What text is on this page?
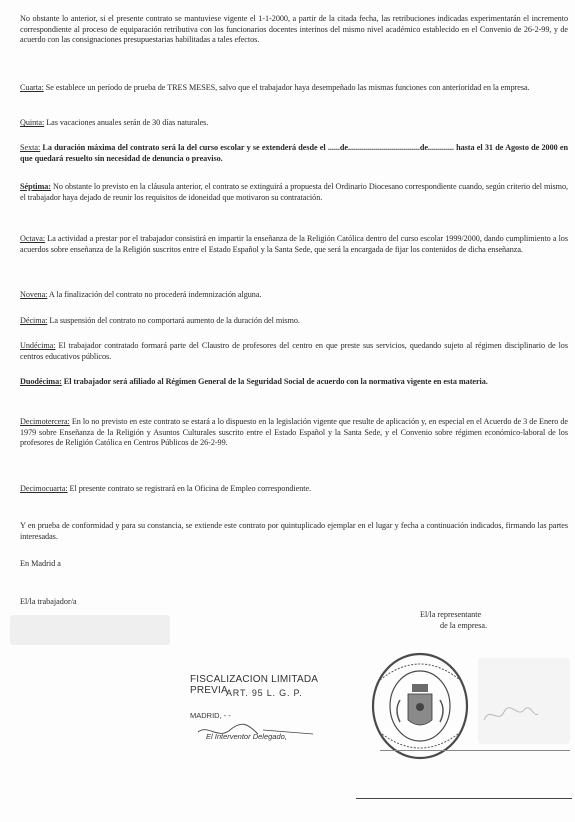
No obstante lo anterior, si el presente contrato se mantuviese vigente el 1-1-2000, a partir de la citada fecha, las retribuciones indicadas experimentarán el incremento correspondiente al proceso de equiparación retributiva con los funcionarios docentes interinos del mismo nivel académico establecido en el Convenio de 26-2-99, y de acuerdo con las consignaciones presupuestarias habilitadas a tales efectos.
Cuarta: Se establece un período de prueba de TRES MESES, salvo que el trabajador haya desempeñado las mismas funciones con anterioridad en la empresa.
Quinta: Las vacaciones anuales serán de 30 días naturales.
Sexta: La duración máxima del contrato será la del curso escolar y se extenderá desde el ......de....................................de............. hasta el 31 de Agosto de 2000 en que quedará resuelto sin necesidad de denuncia o preaviso.
Séptima: No obstante lo previsto en la cláusula anterior, el contrato se extinguirá a propuesta del Ordinario Diocesano correspondiente cuando, según criterio del mismo, el trabajador haya dejado de reunir los requisitos de idoneidad que motivaron su contratación.
Octava: La actividad a prestar por el trabajador consistirá en impartir la enseñanza de la Religión Católica dentro del curso escolar 1999/2000, dando cumplimiento a los acuerdos sobre enseñanza de la Religión suscritos entre el Estado Español y la Santa Sede, que será la encargada de fijar los contenidos de dicha enseñanza.
Novena: A la finalización del contrato no procederá indemnización alguna.
Décima: La suspensión del contrato no comportará aumento de la duración del mismo.
Undécima: El trabajador contratado formará parte del Claustro de profesores del centro en que preste sus servicios, quedando sujeto al régimen disciplinario de los centros educativos públicos.
Duodécima: El trabajador será afiliado al Régimen General de la Seguridad Social de acuerdo con la normativa vigente en esta materia.
Decimotercera: En lo no previsto en este contrato se estará a lo dispuesto en la legislación vigente que resulte de aplicación y, en especial en el Acuerdo de 3 de Enero de 1979 sobre Enseñanza de la Religión y Asuntos Culturales suscrito entre el Estado Español y la Santa Sede, y el Convenio sobre régimen económico-laboral de los profesores de Religión Católica en Centros Públicos de 26-2-99.
Decimocuarta: El presente contrato se registrará en la Oficina de Empleo correspondiente.
Y en prueba de conformidad y para su constancia, se extiende este contrato por quintuplicado ejemplar en el lugar y fecha a continuación indicados, firmando las partes interesadas.
En Madrid a
El/la trabajador/a
El/la representante
de la empresa.
FISCALIZACION LIMITADA PREVIA
ART. 95 L. G. P.
MADRID, - -
El Interventor Delegado,
